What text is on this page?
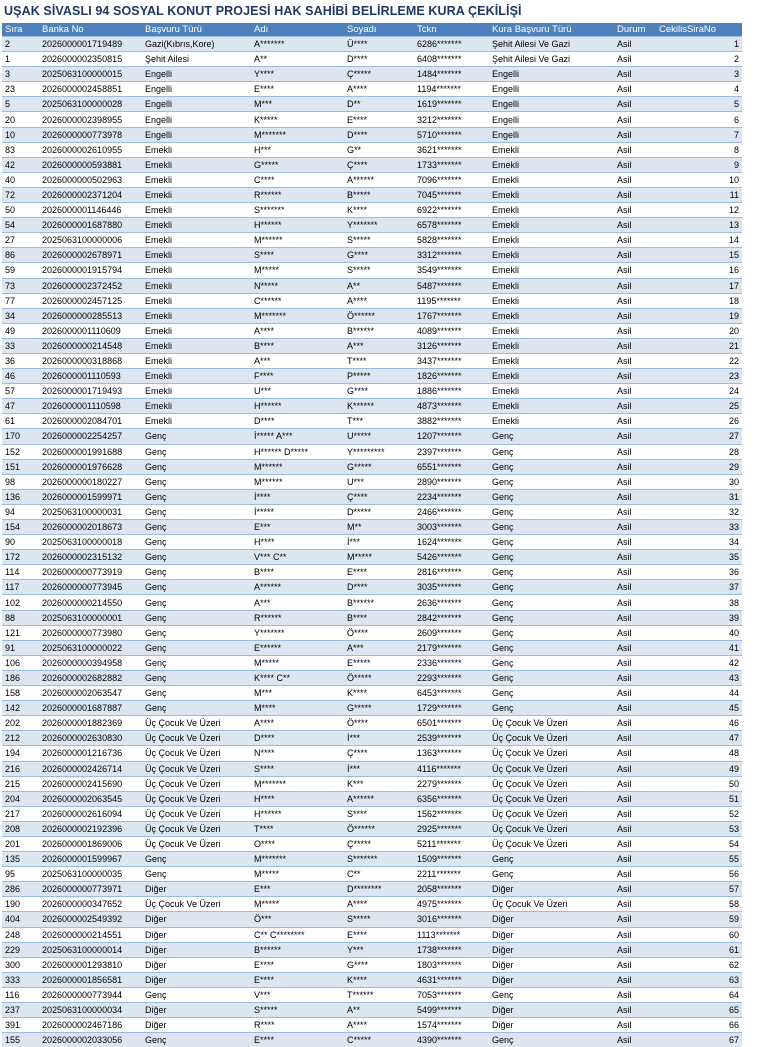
UŞAK SİVASLI 94 SOSYAL KONUT PROJESİ HAK SAHİBİ BELİRLEME KURA ÇEKİLİŞİ
Sıra	Banka No	Başvuru Türü	Adı	Soyadı	Tckn	Kura Başvuru Türü	Durum	CekilisSiraNo
2	2026000001719489	Gazi(Kıbrıs,Kore)	A*******	Ü****	6286*******	Şehit Ailesi Ve Gazi	Asil	1
1	2026000002350815	Şehit Ailesi	A**	D****	6408*******	Şehit Ailesi Ve Gazi	Asil	2
3	2025063100000015	Engelli	Y****	Ç*****	1484*******	Engelli	Asil	3
23	2026000002458851	Engelli	E****	A****	1194*******	Engelli	Asil	4
5	2025063100000028	Engelli	M***	D**	1619*******	Engelli	Asil	5
20	2026000002398955	Engelli	K*****	E****	3212*******	Engelli	Asil	6
10	2026000000773978	Engelli	M*******	D****	5710*******	Engelli	Asil	7
83	2026000002610955	Emekli	H***	G**	3621*******	Emekli	Asil	8
42	2026000000593881	Emekli	G*****	Ç****	1733*******	Emekli	Asil	9
40	2026000000502963	Emekli	C****	A******	7096*******	Emekli	Asil	10
72	2026000002371204	Emekli	R******	B*****	7045*******	Emekli	Asil	11
50	2026000001146446	Emekli	S*******	K****	6922*******	Emekli	Asil	12
54	2026000001687880	Emekli	H******	Y*******	6578*******	Emekli	Asil	13
27	2025063100000006	Emekli	M******	S*****	5828*******	Emekli	Asil	14
86	2026000002678971	Emekli	S****	G****	3312*******	Emekli	Asil	15
59	2026000001915794	Emekli	M*****	S*****	3549*******	Emekli	Asil	16
73	2026000002372452	Emekli	N*****	A**	5487*******	Emekli	Asil	17
77	2026000002457125	Emekli	C******	A****	1195*******	Emekli	Asil	18
34	2026000000285513	Emekli	M*******	Ö******	1767*******	Emekli	Asil	19
49	2026000001110609	Emekli	A****	B******	4089*******	Emekli	Asil	20
33	2026000000214548	Emekli	B****	A***	3126*******	Emekli	Asil	21
36	2026000000318868	Emekli	A***	T****	3437*******	Emekli	Asil	22
46	2026000001110593	Emekli	F****	P*****	1826*******	Emekli	Asil	23
57	2026000001719493	Emekli	U***	G****	1886*******	Emekli	Asil	24
47	2026000001110598	Emekli	H******	K******	4873*******	Emekli	Asil	25
61	2026000002084701	Emekli	D****	T***	3882*******	Emekli	Asil	26
170	2026000002254257	Genç	İ***** A***	U*****	1207*******	Genç	Asil	27
152	2026000001991688	Genç	H****** D*****	Y*********	2397*******	Genç	Asil	28
151	2026000001976628	Genç	M******	G*****	6551*******	Genç	Asil	29
98	2026000000180227	Genç	M******	U***	2890*******	Genç	Asil	30
136	2026000001599971	Genç	İ****	Ç****	2234*******	Genç	Asil	31
94	2025063100000031	Genç	İ*****	D*****	2466*******	Genç	Asil	32
154	2026000002018673	Genç	E***	M**	3003*******	Genç	Asil	33
90	2025063100000018	Genç	H****	İ***	1624*******	Genç	Asil	34
172	2026000002315132	Genç	V*** C**	M*****	5426*******	Genç	Asil	35
114	2026000000773919	Genç	B****	E****	2816*******	Genç	Asil	36
117	2026000000773945	Genç	A******	D****	3035*******	Genç	Asil	37
102	2026000000214550	Genç	A***	B******	2636*******	Genç	Asil	38
88	2025063100000001	Genç	R******	B****	2842*******	Genç	Asil	39
121	2026000000773980	Genç	Y*******	Ö****	2609*******	Genç	Asil	40
91	2025063100000022	Genç	E******	A***	2179*******	Genç	Asil	41
106	2026000000394958	Genç	M*****	E*****	2336*******	Genç	Asil	42
186	2026000002682882	Genç	K**** C**	Ö*****	2293*******	Genç	Asil	43
158	2026000002063547	Genç	M***	K****	6453*******	Genç	Asil	44
142	2026000001687887	Genç	M****	G*****	1729*******	Genç	Asil	45
202	2026000001882369	Üç Çocuk Ve Üzeri	A****	Ö****	6501*******	Üç Çocuk Ve Üzeri	Asil	46
212	2026000002630830	Üç Çocuk Ve Üzeri	D****	İ***	2539*******	Üç Çocuk Ve Üzeri	Asil	47
194	2026000001216736	Üç Çocuk Ve Üzeri	N****	Ç****	1363*******	Üç Çocuk Ve Üzeri	Asil	48
216	2026000002426714	Üç Çocuk Ve Üzeri	S****	İ***	4116*******	Üç Çocuk Ve Üzeri	Asil	49
215	2026000002415690	Üç Çocuk Ve Üzeri	M*******	K***	2279*******	Üç Çocuk Ve Üzeri	Asil	50
204	2026000002063545	Üç Çocuk Ve Üzeri	H****	A******	6356*******	Üç Çocuk Ve Üzeri	Asil	51
217	2026000002616094	Üç Çocuk Ve Üzeri	H******	S****	1562*******	Üç Çocuk Ve Üzeri	Asil	52
208	2026000002192396	Üç Çocuk Ve Üzeri	T****	Ö******	2925*******	Üç Çocuk Ve Üzeri	Asil	53
201	2026000001869006	Üç Çocuk Ve Üzeri	O****	Ç*****	5211*******	Üç Çocuk Ve Üzeri	Asil	54
135	2026000001599967	Genç	M*******	S*******	1509*******	Genç	Asil	55
95	2025063100000035	Genç	M*****	C**	2211*******	Genç	Asil	56
286	2026000000773971	Diğer	E***	D********	2058*******	Diğer	Asil	57
190	2026000000347652	Üç Çocuk Ve Üzeri	M*****	A****	4975*******	Üç Çocuk Ve Üzeri	Asil	58
404	2026000002549392	Diğer	Ö***	S*****	3016*******	Diğer	Asil	59
248	2026000000214551	Diğer	C** C********	E****	1113*******	Diğer	Asil	60
229	2025063100000014	Diğer	B******	Y***	1738*******	Diğer	Asil	61
300	2026000001293810	Diğer	E****	G****	1803*******	Diğer	Asil	62
333	2026000001856581	Diğer	E****	K****	4631*******	Diğer	Asil	63
116	2026000000773944	Genç	V***	T******	7053*******	Genç	Asil	64
237	2025063100000034	Diğer	S*****	A**	5499*******	Diğer	Asil	65
391	2026000002467186	Diğer	R****	A****	1574*******	Diğer	Asil	66
155	2026000002033056	Genç	E****	C*****	4390*******	Genç	Asil	67
